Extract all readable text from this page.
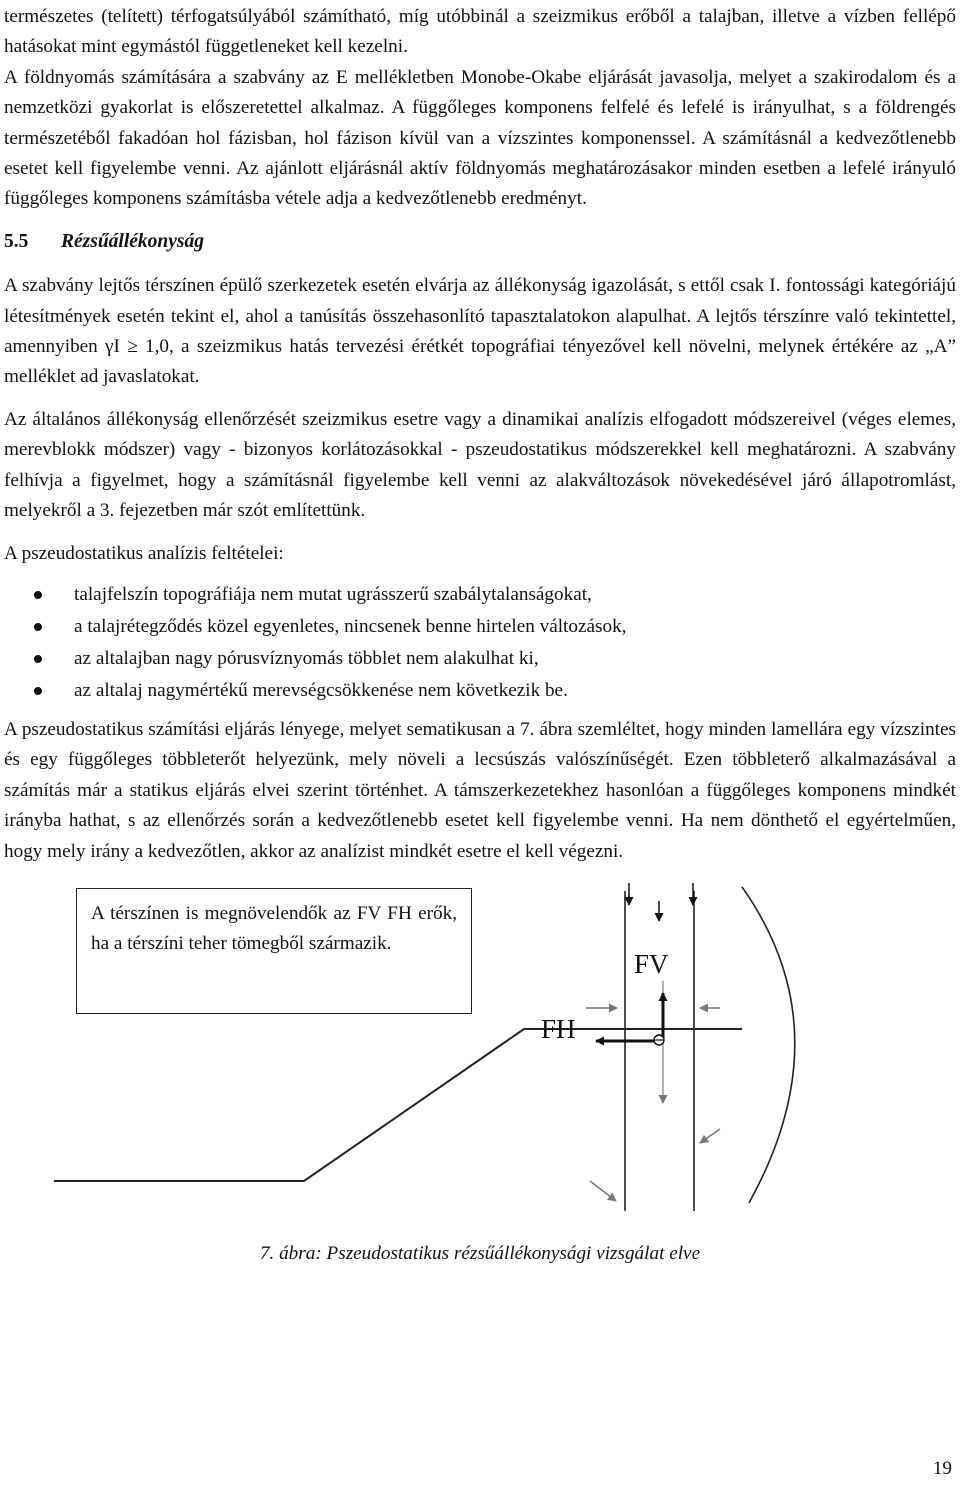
természetes (telített) térfogatsúlyából számítható, míg utóbbinál a szeizmikus erőből a talajban, illetve a vízben fellépő hatásokat mint egymástól függetleneket kell kezelni.

A földnyomás számítására a szabvány az E mellékletben Monobe-Okabe eljárását javasolja, melyet a szakirodalom és a nemzetközi gyakorlat is előszeretettel alkalmaz. A függőleges komponens felfelé és lefelé is irányulhat, s a földrengés természetéből fakadóan hol fázisban, hol fázison kívül van a vízszintes komponenssel. A számításnál a kedvezőtlenebb esetet kell figyelembe venni. Az ajánlott eljárásnál aktív földnyomás meghatározásakor minden esetben a lefelé irányuló függőleges komponens számításba vétele adja a kedvezőtlenebb eredményt.

5.5 Rézsűállékonyság

A szabvány lejtős térszínen épülő szerkezetek esetén elvárja az állékonyság igazolását, s ettől csak I. fontossági kategóriájú létesítmények esetén tekint el, ahol a tanúsítás összehasonlító tapasztalatokon alapulhat. A lejtős térszínre való tekintettel, amennyiben γI ≥ 1,0, a szeizmikus hatás tervezési érétkét topográfiai tényezővel kell növelni, melynek értékére az „A” melléklet ad javaslatokat.

Az általános állékonyság ellenőrzését szeizmikus esetre vagy a dinamikai analízis elfogadott módszereivel (véges elemes, merevblokk módszer) vagy - bizonyos korlátozásokkal - pszeudostatikus módszerekkel kell meghatározni. A szabvány felhívja a figyelmet, hogy a számításnál figyelembe kell venni az alakváltozások növekedésével járó állapotromlást, melyekről a 3. fejezetben már szót említettünk.

A pszeudostatikus analízis feltételei:

talajfelszín topográfiája nem mutat ugrásszerű szabálytalanságokat,
a talajrétegződés közel egyenletes, nincsenek benne hirtelen változások,
az altalajban nagy pórusvíznyomás többlet nem alakulhat ki,
az altalaj nagymértékű merevségcsökkenése nem következik be.

A pszeudostatikus számítási eljárás lényege, melyet sematikusan a 7. ábra szemléltet, hogy minden lamellára egy vízszintes és egy függőleges többleterőt helyezünk, mely növeli a lecsúszás valószínűségét. Ezen többleterő alkalmazásával a számítás már a statikus eljárás elvei szerint történhet. A támszerkezetekhez hasonlóan a függőleges komponens mindkét irányba hathat, s az ellenőrzés során a kedvezőtlenebb esetet kell figyelembe venni. Ha nem dönthető el egyértelműen, hogy mely irány a kedvezőtlen, akkor az analízist mindkét esetre el kell végezni.

A térszínen is megnövelendők az FV FH erők, ha a térszíni teher tömegből származik.
FV
FH
7. ábra: Pszeudostatikus rézsűállékonysági vizsgálat elve
19
